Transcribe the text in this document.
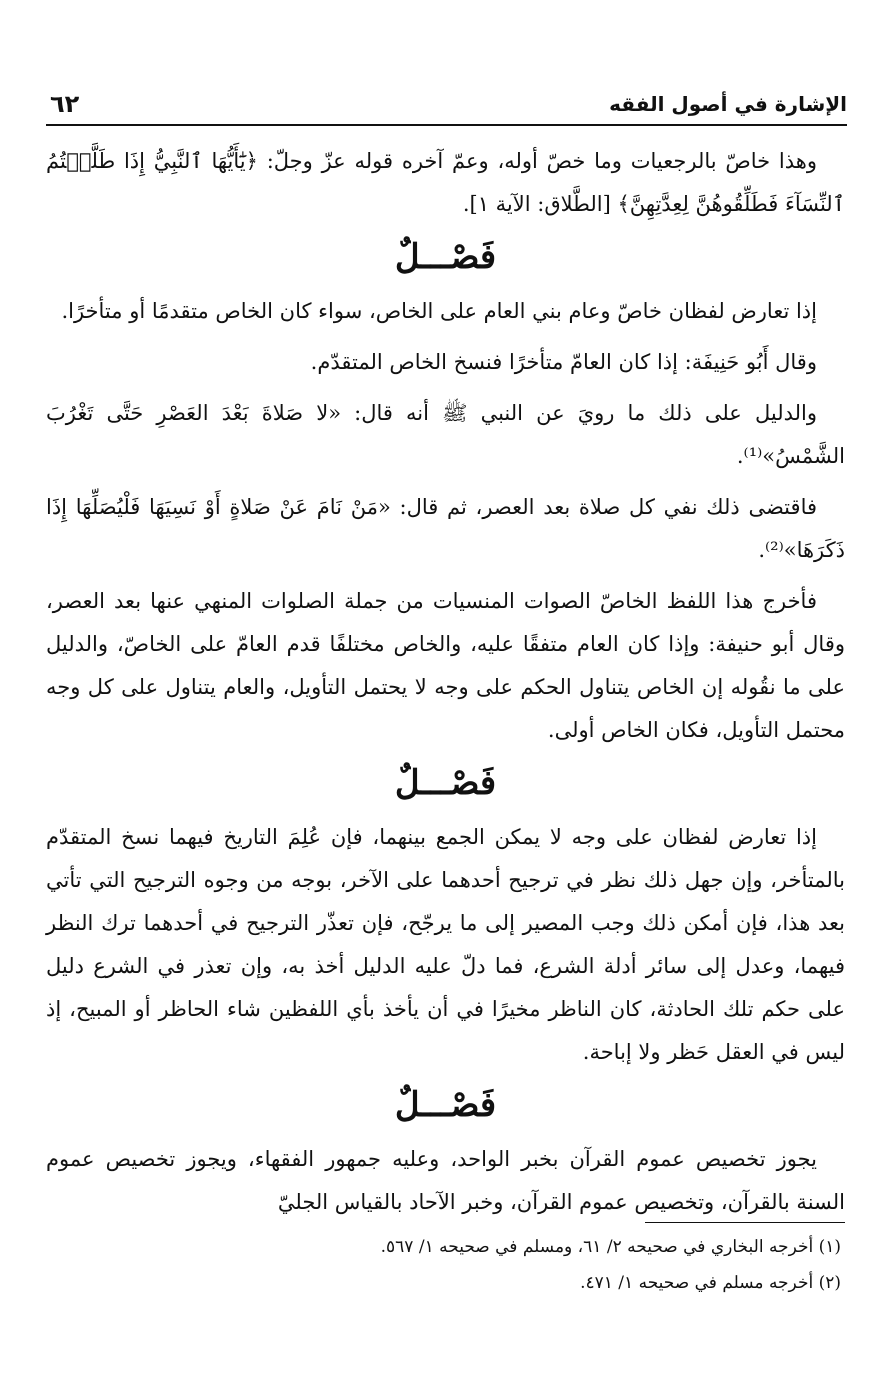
الإشارة في أصول الفقه
٦٢

وهذا خاصّ بالرجعيات وما خصّ أوله، وعمّ آخره قوله عزّ وجلّ: ﴿يَٰٓأَيُّهَا ٱلنَّبِيُّ إِذَا طَلَّقۡتُمُ ٱلنِّسَآءَ فَطَلِّقُوهُنَّ لِعِدَّتِهِنَّ﴾ [الطَّلاق: الآية ١].

فَصْـــلٌ

إذا تعارض لفظان خاصّ وعام بني العام على الخاص، سواء كان الخاص متقدمًا أو متأخرًا.

وقال أَبُو حَنِيفَة: إذا كان العامّ متأخرًا فنسخ الخاص المتقدّم.

والدليل على ذلك ما رويَ عن النبي ﷺ أنه قال: «لا صَلاةَ بَعْدَ العَصْرِ حَتَّى تَغْرُبَ الشَّمْسُ»⁽¹⁾.

فاقتضى ذلك نفي كل صلاة بعد العصر، ثم قال: «مَنْ نَامَ عَنْ صَلاةٍ أَوْ نَسِيَهَا فَلْيُصَلِّهَا إِذَا ذَكَرَهَا»⁽²⁾.

فأخرج هذا اللفظ الخاصّ الصوات المنسيات من جملة الصلوات المنهي عنها بعد العصر، وقال أبو حنيفة: وإذا كان العام متفقًا عليه، والخاص مختلفًا قدم العامّ على الخاصّ، والدليل على ما نقُوله إن الخاص يتناول الحكم على وجه لا يحتمل التأويل، والعام يتناول على كل وجه محتمل التأويل، فكان الخاص أولى.

فَصْـــلٌ

إذا تعارض لفظان على وجه لا يمكن الجمع بينهما، فإن عُلِمَ التاريخ فيهما نسخ المتقدّم بالمتأخر، وإن جهل ذلك نظر في ترجيح أحدهما على الآخر، بوجه من وجوه الترجيح التي تأتي بعد هذا، فإن أمكن ذلك وجب المصير إلى ما يرجّح، فإن تعذّر الترجيح في أحدهما ترك النظر فيهما، وعدل إلى سائر أدلة الشرع، فما دلّ عليه الدليل أخذ به، وإن تعذر في الشرع دليل على حكم تلك الحادثة، كان الناظر مخيرًا في أن يأخذ بأي اللفظين شاء الحاظر أو المبيح، إذ ليس في العقل حَظر ولا إباحة.

فَصْـــلٌ

يجوز تخصيص عموم القرآن بخبر الواحد، وعليه جمهور الفقهاء، ويجوز تخصيص عموم السنة بالقرآن، وتخصيص عموم القرآن، وخبر الآحاد بالقياس الجليّ

(١) أخرجه البخاري في صحيحه ٢/ ٦١، ومسلم في صحيحه ١/ ٥٦٧.
(٢) أخرجه مسلم في صحيحه ١/ ٤٧١.
